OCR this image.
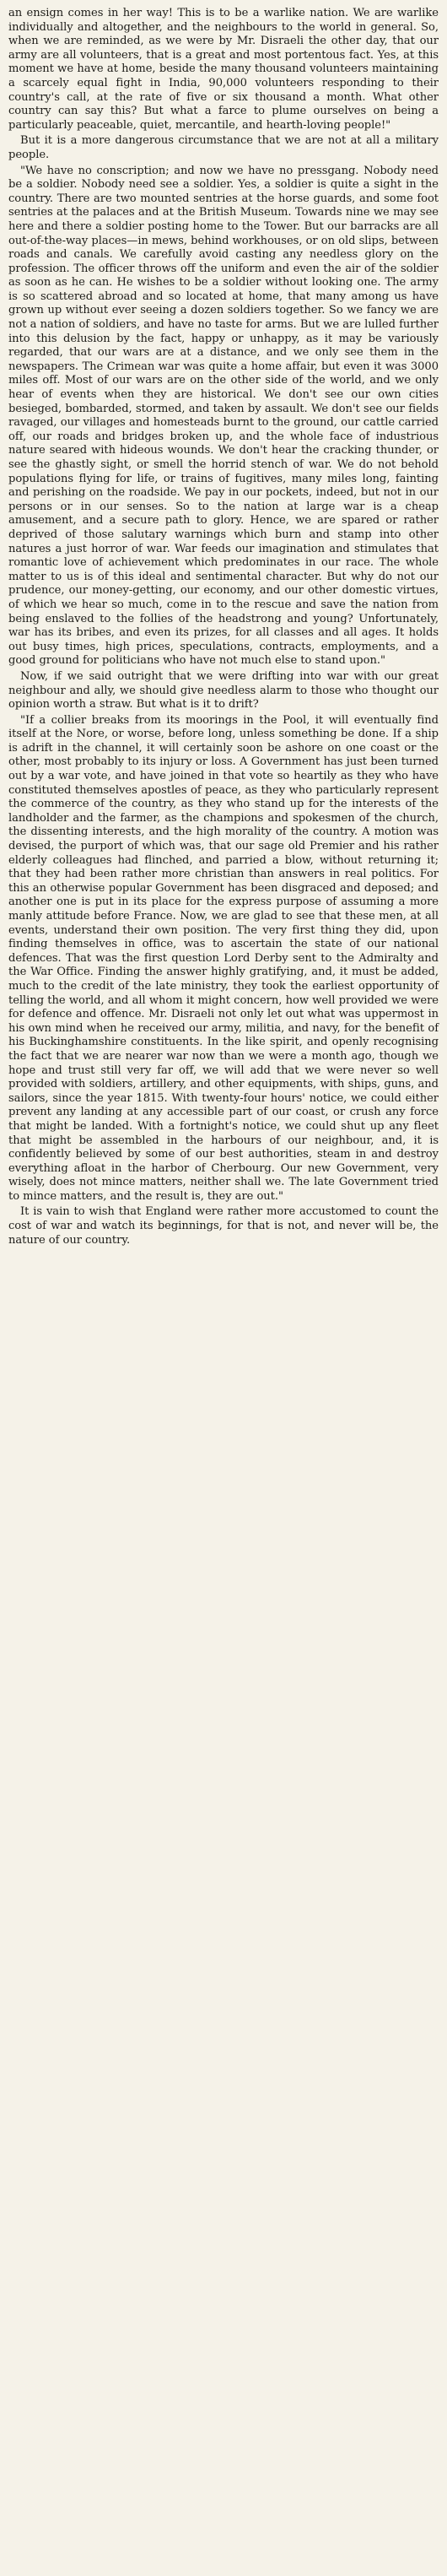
an ensign comes in her way! This is to be a warlike nation. We are warlike individually and altogether, and the neighbours to the world in general. So, when we are reminded, as we were by Mr. Disraeli the other day, that our army are all volunteers, that is a great and most portentous fact. Yes, at this moment we have at home, beside the many thousand volunteers maintaining a scarcely equal fight in India, 90,000 volunteers responding to their country's call, at the rate of five or six thousand a month. What other country can say this? But what a farce to plume ourselves on being a particularly peaceable, quiet, mercantile, and hearth-loving people!"

But it is a more dangerous circumstance that we are not at all a military people.

"We have no conscription; and now we have no pressgang. Nobody need be a soldier. Nobody need see a soldier. Yes, a soldier is quite a sight in the country. There are two mounted sentries at the horse guards, and some foot sentries at the palaces and at the British Museum. Towards nine we may see here and there a soldier posting home to the Tower. But our barracks are all out-of-the-way places—in mews, behind workhouses, or on old slips, between roads and canals. We carefully avoid casting any needless glory on the profession. The officer throws off the uniform and even the air of the soldier as soon as he can. He wishes to be a soldier without looking one. The army is so scattered abroad and so located at home, that many among us have grown up without ever seeing a dozen soldiers together. So we fancy we are not a nation of soldiers, and have no taste for arms. But we are lulled further into this delusion by the fact, happy or unhappy, as it may be variously regarded, that our wars are at a distance, and we only see them in the newspapers. The Crimean war was quite a home affair, but even it was 3000 miles off. Most of our wars are on the other side of the world, and we only hear of events when they are historical. We don't see our own cities besieged, bombarded, stormed, and taken by assault. We don't see our fields ravaged, our villages and homesteads burnt to the ground, our cattle carried off, our roads and bridges broken up, and the whole face of industrious nature seared with hideous wounds. We don't hear the cracking thunder, or see the ghastly sight, or smell the horrid stench of war. We do not behold populations flying for life, or trains of fugitives, many miles long, fainting and perishing on the roadside. We pay in our pockets, indeed, but not in our persons or in our senses. So to the nation at large war is a cheap amusement, and a secure path to glory. Hence, we are spared or rather deprived of those salutary warnings which burn and stamp into other natures a just horror of war. War feeds our imagination and stimulates that romantic love of achievement which predominates in our race. The whole matter to us is of this ideal and sentimental character. But why do not our prudence, our money-getting, our economy, and our other domestic virtues, of which we hear so much, come in to the rescue and save the nation from being enslaved to the follies of the headstrong and young? Unfortunately, war has its bribes, and even its prizes, for all classes and all ages. It holds out busy times, high prices, speculations, contracts, employments, and a good ground for politicians who have not much else to stand upon."

Now, if we said outright that we were drifting into war with our great neighbour and ally, we should give needless alarm to those who thought our opinion worth a straw. But what is it to drift?

"If a collier breaks from its moorings in the Pool, it will eventually find itself at the Nore, or worse, before long, unless something be done. If a ship is adrift in the channel, it will certainly soon be ashore on one coast or the other, most probably to its injury or loss. A Government has just been turned out by a war vote, and have joined in that vote so heartily as they who have constituted themselves apostles of peace, as they who particularly represent the commerce of the country, as they who stand up for the interests of the landholder and the farmer, as the champions and spokesmen of the church, the dissenting interests, and the high morality of the country. A motion was devised, the purport of which was, that our sage old Premier and his rather elderly colleagues had flinched, and parried a blow, without returning it; that they had been rather more christian than answers in real politics. For this an otherwise popular Government has been disgraced and deposed; and another one is put in its place for the express purpose of assuming a more manly attitude before France. Now, we are glad to see that these men, at all events, understand their own position. The very first thing they did, upon finding themselves in office, was to ascertain the state of our national defences. That was the first question Lord Derby sent to the Admiralty and the War Office. Finding the answer highly gratifying, and, it must be added, much to the credit of the late ministry, they took the earliest opportunity of telling the world, and all whom it might concern, how well provided we were for defence and offence. Mr. Disraeli not only let out what was uppermost in his own mind when he received our army, militia, and navy, for the benefit of his Buckinghamshire constituents. In the like spirit, and openly recognising the fact that we are nearer war now than we were a month ago, though we hope and trust still very far off, we will add that we were never so well provided with soldiers, artillery, and other equipments, with ships, guns, and sailors, since the year 1815. With twenty-four hours' notice, we could either prevent any landing at any accessible part of our coast, or crush any force that might be landed. With a fortnight's notice, we could shut up any fleet that might be assembled in the harbours of our neighbour, and, it is confidently believed by some of our best authorities, steam in and destroy everything afloat in the harbor of Cherbourg. Our new Government, very wisely, does not mince matters, neither shall we. The late Government tried to mince matters, and the result is, they are out."

It is vain to wish that England were rather more accustomed to count the cost of war and watch its beginnings, for that is not, and never will be, the nature of our country.
